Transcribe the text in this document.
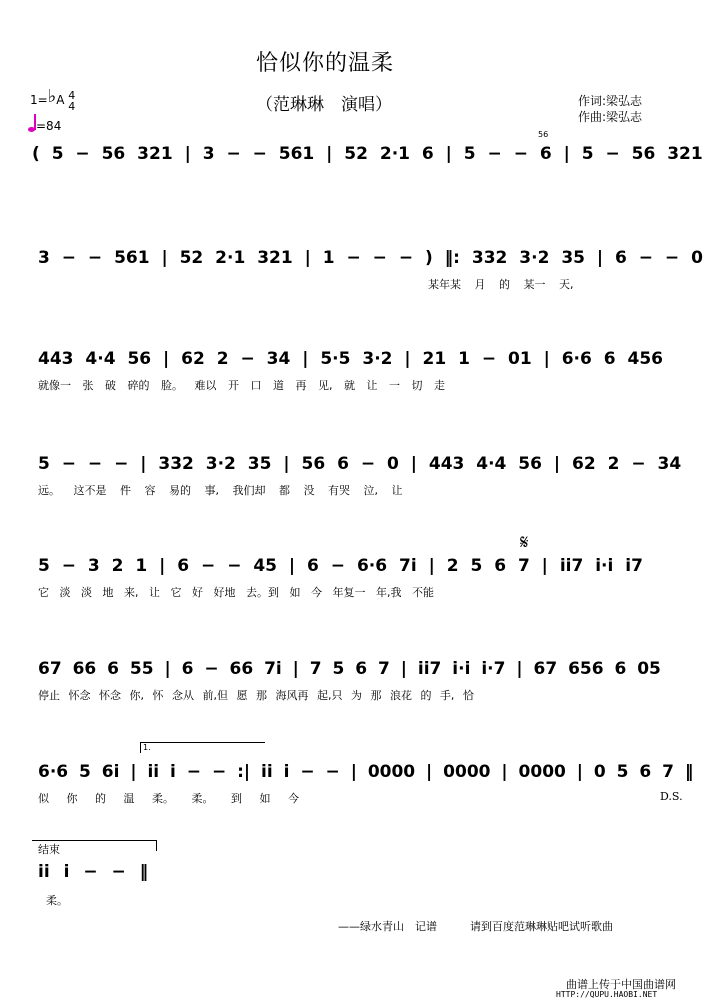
恰似你的温柔
（范琳琳　演唱）	作词:梁弘志
作曲:梁弘志
1=♭A 4
4
=84
56
( 5 − 56 321 | 3 − − 561 | 52 2·1 6 | 5 − − 6 | 5 − 56 321
3 − − 561 | 52 2·1 321 | 1 − − − ) ‖: 332 3·2 35 | 6 − − 0
某年某 月 的 某一 天,
443 4·4 56 | 62 2 − 34 | 5·5 3·2 | 21 1 − 01 | 6·6 6 456
就像一 张 破 碎的 脸。 难以 开 口 道 再 见, 就 让 一 切 走
5 − − − | 332 3·2 35 | 56 6 − 0 | 443 4·4 56 | 62 2 − 34
远。 这不是 件 容 易的 事, 我们却 都 没 有哭 泣, 让
𝄋
5 − 3 2 1 | 6 − − 45 | 6 − 6·6 7i | 2 5 6 7 | ii7 i·i i7
它 淡 淡 地 来, 让 它 好 好地 去。到 如 今 年复一 年,我 不能
67 66 6 55 | 6 − 66 7i | 7 5 6 7 | ii7 i·i i·7 | 67 656 6 05
停止 怀念 怀念 你, 怀 念从 前,但 愿 那 海风再 起,只 为 那 浪花 的 手, 恰
1.
6·6 5 6i | ii i − − :| ii i − − | 0000 | 0000 | 0000 | 0 5 6 7 ‖
似 你 的 温 柔。 柔。 到 如 今	D.S.
结束
ii i − − ‖
柔。
——绿水青山　记谱	请到百度范琳琳贴吧试听歌曲
曲谱上传于中国曲谱网
HTTP://QUPU.HAOBI.NET
